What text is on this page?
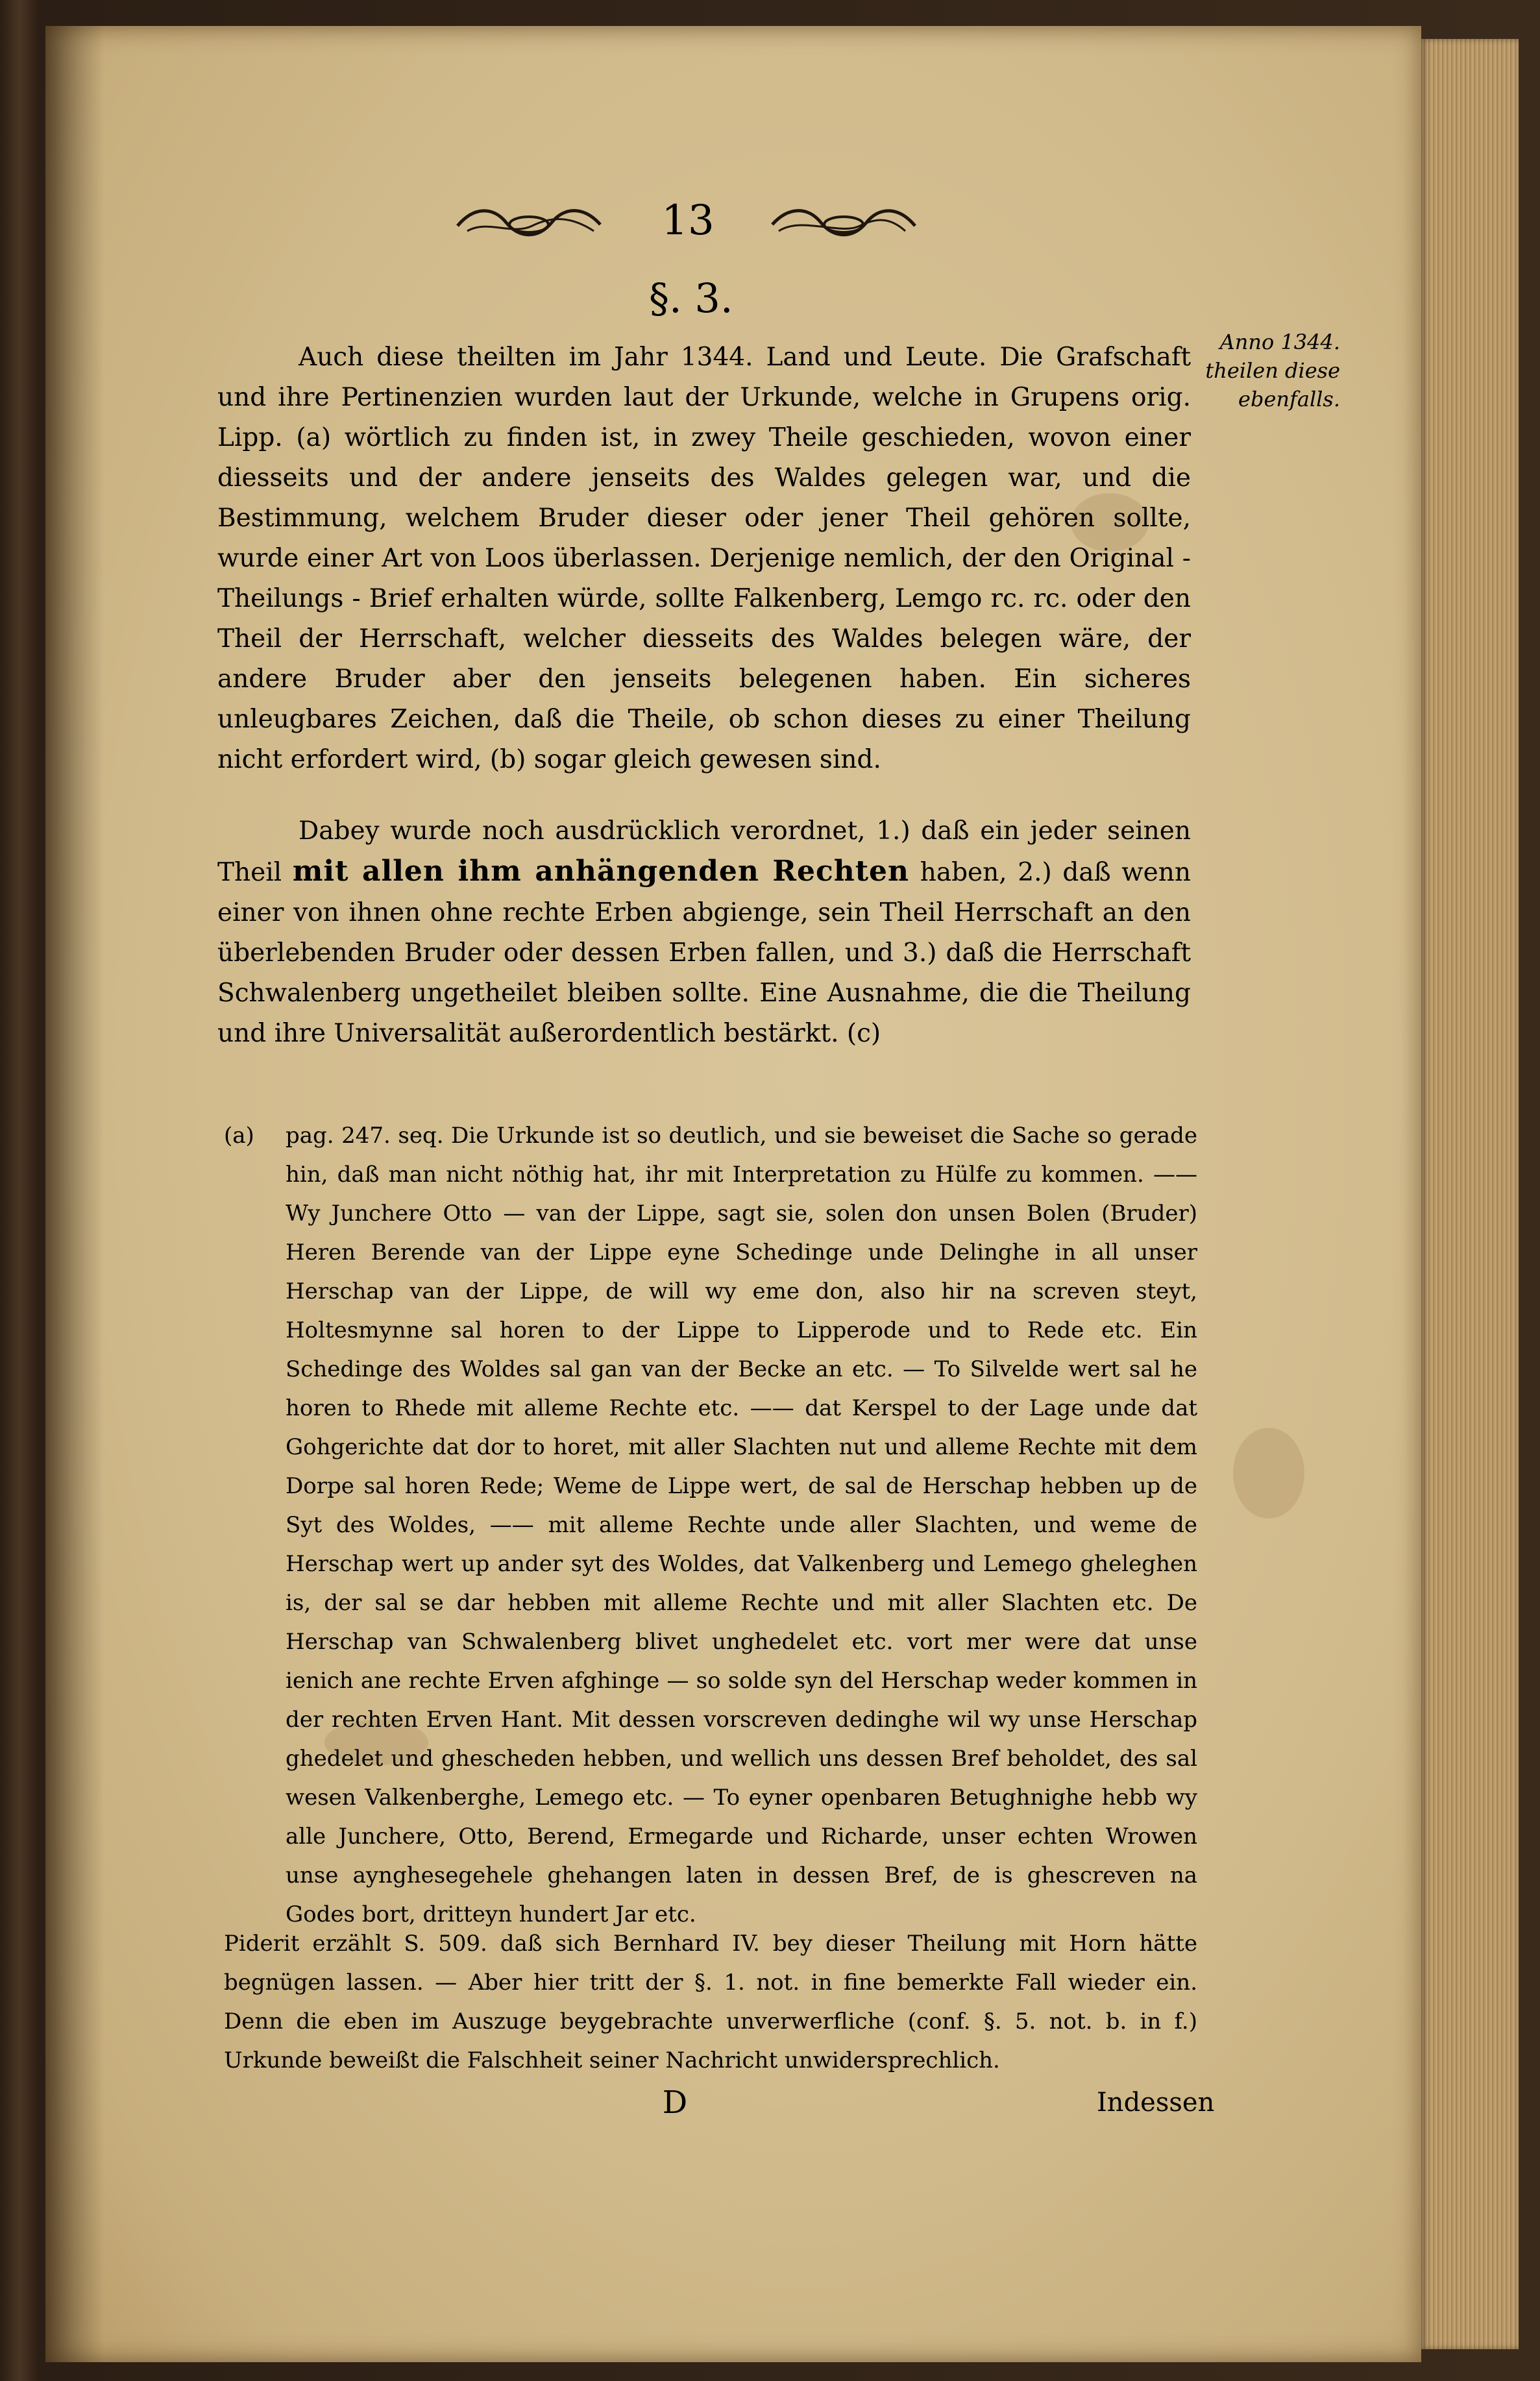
13
§. 3.
Anno 1344. theilen diese ebenfalls.
Auch diese theilten im Jahr 1344. Land und Leute. Die Grafschaft und ihre Pertinenzien wurden laut der Urkunde, welche in Grupens orig. Lipp. (a) wörtlich zu finden ist, in zwey Theile geschieden, wovon einer diesseits und der andere jenseits des Waldes gelegen war, und die Bestimmung, welchem Bruder dieser oder jener Theil gehören sollte, wurde einer Art von Loos überlassen. Derjenige nemlich, der den Original - Theilungs - Brief erhalten würde, sollte Falkenberg, Lemgo rc. rc. oder den Theil der Herrschaft, welcher diesseits des Waldes belegen wäre, der andere Bruder aber den jenseits belegenen haben. Ein sicheres unleugbares Zeichen, daß die Theile, ob schon dieses zu einer Theilung nicht erfordert wird, (b) sogar gleich gewesen sind.
Dabey wurde noch ausdrücklich verordnet, 1.) daß ein jeder seinen Theil mit allen ihm anhängenden Rechten haben, 2.) daß wenn einer von ihnen ohne rechte Erben abgienge, sein Theil Herrschaft an den überlebenden Bruder oder dessen Erben fallen, und 3.) daß die Herrschaft Schwalenberg ungetheilet bleiben sollte. Eine Ausnahme, die die Theilung und ihre Universalität außerordentlich bestärkt. (c)
(a) pag. 247. seq. Die Urkunde ist so deutlich, und sie beweiset die Sache so gerade hin, daß man nicht nöthig hat, ihr mit Interpretation zu Hülfe zu kommen. —— Wy Junchere Otto — van der Lippe, sagt sie, solen don unsen Bolen (Bruder) Heren Berende van der Lippe eyne Schedinge unde Delinghe in all unser Herschap van der Lippe, de will wy eme don, also hir na screven steyt, Holtesmynne sal horen to der Lippe to Lipperode und to Rede etc. Ein Schedinge des Woldes sal gan van der Becke an etc. — To Silvelde wert sal he horen to Rhede mit alleme Rechte etc. —— dat Kerspel to der Lage unde dat Gohgerichte dat dor to horet, mit aller Slachten nut und alleme Rechte mit dem Dorpe sal horen Rede; Weme de Lippe wert, de sal de Herschap hebben up de Syt des Woldes, —— mit alleme Rechte unde aller Slachten, und weme de Herschap wert up ander syt des Woldes, dat Valkenberg und Lemego gheleghen is, der sal se dar hebben mit alleme Rechte und mit aller Slachten etc. De Herschap van Schwalenberg blivet unghedelet etc. vort mer were dat unse ienich ane rechte Erven afghinge — so solde syn del Herschap weder kommen in der rechten Erven Hant. Mit dessen vorscreven dedinghe wil wy unse Herschap ghedelet und ghescheden hebben, und wellich uns dessen Bref beholdet, des sal wesen Valkenberghe, Lemego etc. — To eyner openbaren Betughnighe hebb wy alle Junchere, Otto, Berend, Ermegarde und Richarde, unser echten Wrowen unse aynghesegehele ghehangen laten in dessen Bref, de is ghescreven na Godes bort, dritteyn hundert Jar etc.
Piderit erzählt S. 509. daß sich Bernhard IV. bey dieser Theilung mit Horn hätte begnügen lassen. — Aber hier tritt der §. 1. not. in fine bemerkte Fall wieder ein. Denn die eben im Auszuge beygebrachte unverwerfliche (conf. §. 5. not. b. in f.) Urkunde beweißt die Falschheit seiner Nachricht unwidersprechlich.
D	Indessen
